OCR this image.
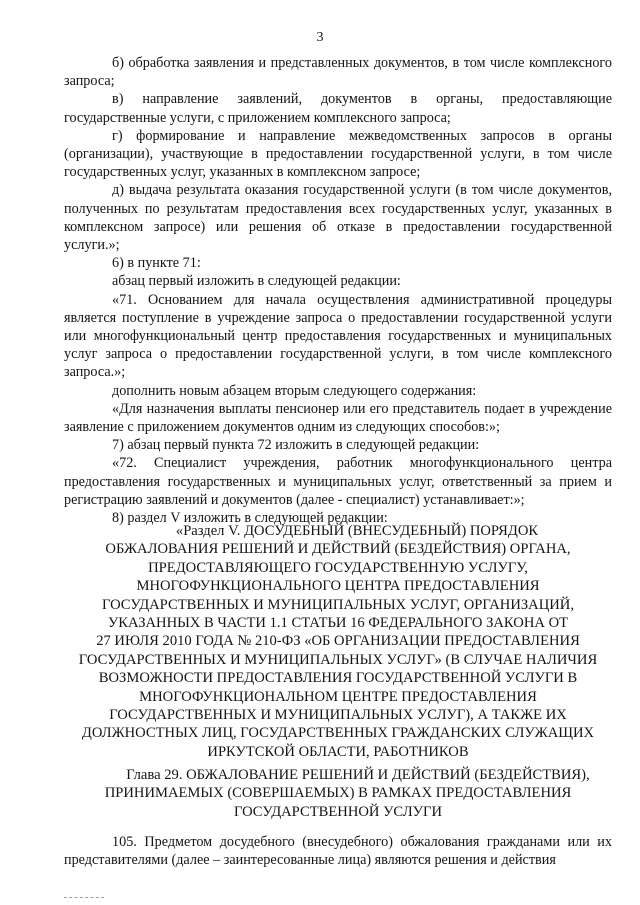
3

б) обработка заявления и представленных документов, в том числе комплексного запроса;

в) направление заявлений, документов в органы, предоставляющие государственные услуги, с приложением комплексного запроса;

г) формирование и направление межведомственных запросов в органы (организации), участвующие в предоставлении государственной услуги, в том числе государственных услуг, указанных в комплексном запросе;

д) выдача результата оказания государственной услуги (в том числе документов, полученных по результатам предоставления всех государственных услуг, указанных в комплексном запросе) или решения об отказе в предоставлении государственной услуги.»;

6) в пункте 71:

абзац первый изложить в следующей редакции:

«71. Основанием для начала осуществления административной процедуры является поступление в учреждение запроса о предоставлении государственной услуги или многофункциональный центр предоставления государственных и муниципальных услуг запроса о предоставлении государственной услуги, в том числе комплексного запроса.»;

дополнить новым абзацем вторым следующего содержания:

«Для назначения выплаты пенсионер или его представитель подает в учреждение заявление с приложением документов одним из следующих способов:»;

7) абзац первый пункта 72 изложить в следующей редакции:

«72. Специалист учреждения, работник многофункционального центра предоставления государственных и муниципальных услуг, ответственный за прием и регистрацию заявлений и документов (далее - специалист) устанавливает:»;

8) раздел V изложить в следующей редакции:

«Раздел V. ДОСУДЕБНЫЙ (ВНЕСУДЕБНЫЙ) ПОРЯДОК
ОБЖАЛОВАНИЯ РЕШЕНИЙ И ДЕЙСТВИЙ (БЕЗДЕЙСТВИЯ) ОРГАНА,
ПРЕДОСТАВЛЯЮЩЕГО ГОСУДАРСТВЕННУЮ УСЛУГУ,
МНОГОФУНКЦИОНАЛЬНОГО ЦЕНТРА ПРЕДОСТАВЛЕНИЯ
ГОСУДАРСТВЕННЫХ И МУНИЦИПАЛЬНЫХ УСЛУГ, ОРГАНИЗАЦИЙ,
УКАЗАННЫХ В ЧАСТИ 1.1 СТАТЬИ 16 ФЕДЕРАЛЬНОГО ЗАКОНА ОТ
27 ИЮЛЯ 2010 ГОДА № 210-ФЗ «ОБ ОРГАНИЗАЦИИ ПРЕДОСТАВЛЕНИЯ
ГОСУДАРСТВЕННЫХ И МУНИЦИПАЛЬНЫХ УСЛУГ» (В СЛУЧАЕ НАЛИЧИЯ
ВОЗМОЖНОСТИ ПРЕДОСТАВЛЕНИЯ ГОСУДАРСТВЕННОЙ УСЛУГИ В
МНОГОФУНКЦИОНАЛЬНОМ ЦЕНТРЕ ПРЕДОСТАВЛЕНИЯ
ГОСУДАРСТВЕННЫХ И МУНИЦИПАЛЬНЫХ УСЛУГ), А ТАКЖЕ ИХ
ДОЛЖНОСТНЫХ ЛИЦ, ГОСУДАРСТВЕННЫХ ГРАЖДАНСКИХ СЛУЖАЩИХ
ИРКУТСКОЙ ОБЛАСТИ, РАБОТНИКОВ
Глава 29. ОБЖАЛОВАНИЕ РЕШЕНИЙ И ДЕЙСТВИЙ (БЕЗДЕЙСТВИЯ),
ПРИНИМАЕМЫХ (СОВЕРШАЕМЫХ) В РАМКАХ ПРЕДОСТАВЛЕНИЯ
ГОСУДАРСТВЕННОЙ УСЛУГИ

105. Предметом досудебного (внесудебного) обжалования гражданами или их представителями (далее – заинтересованные лица) являются решения и действия
